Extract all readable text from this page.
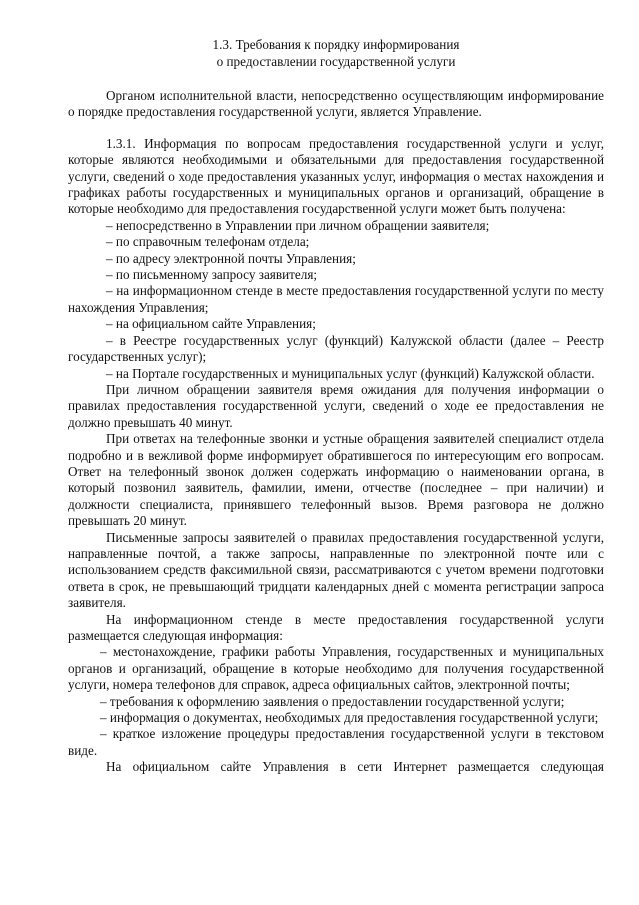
1.3. Требования к порядку информирования
о предоставлении государственной услуги

Органом исполнительной власти, непосредственно осуществляющим информирование о порядке предоставления государственной услуги, является Управление.

1.3.1. Информация по вопросам предоставления государственной услуги и услуг, которые являются необходимыми и обязательными для предоставления государственной услуги, сведений о ходе предоставления указанных услуг, информация о местах нахождения и графиках работы государственных и муниципальных органов и организаций, обращение в которые необходимо для предоставления государственной услуги может быть получена:

– непосредственно в Управлении при личном обращении заявителя;

– по справочным телефонам отдела;

– по адресу электронной почты Управления;

– по письменному запросу заявителя;

– на информационном стенде в месте предоставления государственной услуги по месту нахождения Управления;

– на официальном сайте Управления;

– в Реестре государственных услуг (функций) Калужской области (далее – Реестр государственных услуг);

– на Портале государственных и муниципальных услуг (функций) Калужской области.

При личном обращении заявителя время ожидания для получения информации о правилах предоставления государственной услуги, сведений о ходе ее предоставления не должно превышать 40 минут.

При ответах на телефонные звонки и устные обращения заявителей специалист отдела подробно и в вежливой форме информирует обратившегося по интересующим его вопросам. Ответ на телефонный звонок должен содержать информацию о наименовании органа, в который позвонил заявитель, фамилии, имени, отчестве (последнее – при наличии) и должности специалиста, принявшего телефонный вызов. Время разговора не должно превышать 20 минут.

Письменные запросы заявителей о правилах предоставления государственной услуги, направленные почтой, а также запросы, направленные по электронной почте или с использованием средств факсимильной связи, рассматриваются с учетом времени подготовки ответа в срок, не превышающий тридцати календарных дней с момента регистрации запроса заявителя.

На информационном стенде в месте предоставления государственной услуги размещается следующая информация:

– местонахождение, графики работы Управления, государственных и муниципальных органов и организаций, обращение в которые необходимо для получения государственной услуги, номера телефонов для справок, адреса официальных сайтов, электронной почты;

– требования к оформлению заявления о предоставлении государственной услуги;

– информация о документах, необходимых для предоставления государственной услуги;

– краткое изложение процедуры предоставления государственной услуги в текстовом виде.

На официальном сайте Управления в сети Интернет размещается следующая
